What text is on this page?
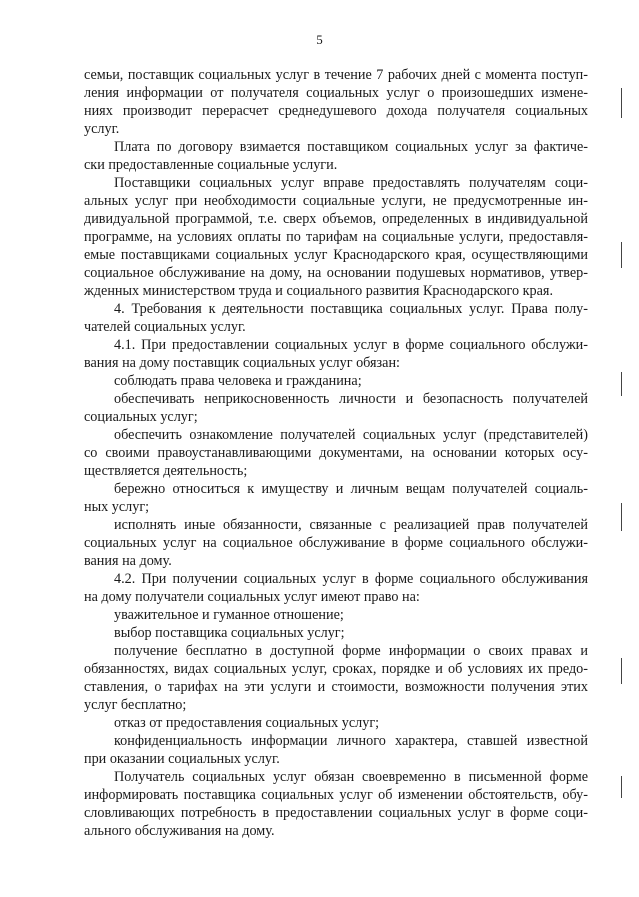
5
семьи, поставщик социальных услуг в течение 7 рабочих дней с момента поступ-
ления информации от получателя социальных услуг о произошедших измене-
ниях производит перерасчет среднедушевого дохода получателя социальных
услуг.
Плата по договору взимается поставщиком социальных услуг за фактиче-
ски предоставленные социальные услуги.
Поставщики социальных услуг вправе предоставлять получателям соци-
альных услуг при необходимости социальные услуги, не предусмотренные ин-
дивидуальной программой, т.е. сверх объемов, определенных в индивидуальной
программе, на условиях оплаты по тарифам на социальные услуги, предоставля-
емые поставщиками социальных услуг Краснодарского края, осуществляющими
социальное обслуживание на дому, на основании подушевых нормативов, утвер-
жденных министерством труда и социального развития Краснодарского края.
4. Требования к деятельности поставщика социальных услуг. Права полу-
чателей социальных услуг.
4.1. При предоставлении социальных услуг в форме социального обслужи-
вания на дому поставщик социальных услуг обязан:
соблюдать права человека и гражданина;
обеспечивать неприкосновенность личности и безопасность получателей
социальных услуг;
обеспечить ознакомление получателей социальных услуг (представителей)
со своими правоустанавливающими документами, на основании которых осу-
ществляется деятельность;
бережно относиться к имуществу и личным вещам получателей социаль-
ных услуг;
исполнять иные обязанности, связанные с реализацией прав получателей
социальных услуг на социальное обслуживание в форме социального обслужи-
вания на дому.
4.2. При получении социальных услуг в форме социального обслуживания
на дому получатели социальных услуг имеют право на:
уважительное и гуманное отношение;
выбор поставщика социальных услуг;
получение бесплатно в доступной форме информации о своих правах и
обязанностях, видах социальных услуг, сроках, порядке и об условиях их предо-
ставления, о тарифах на эти услуги и стоимости, возможности получения этих
услуг бесплатно;
отказ от предоставления социальных услуг;
конфиденциальность информации личного характера, ставшей известной
при оказании социальных услуг.
Получатель социальных услуг обязан своевременно в письменной форме
информировать поставщика социальных услуг об изменении обстоятельств, обу-
словливающих потребность в предоставлении социальных услуг в форме соци-
ального обслуживания на дому.
